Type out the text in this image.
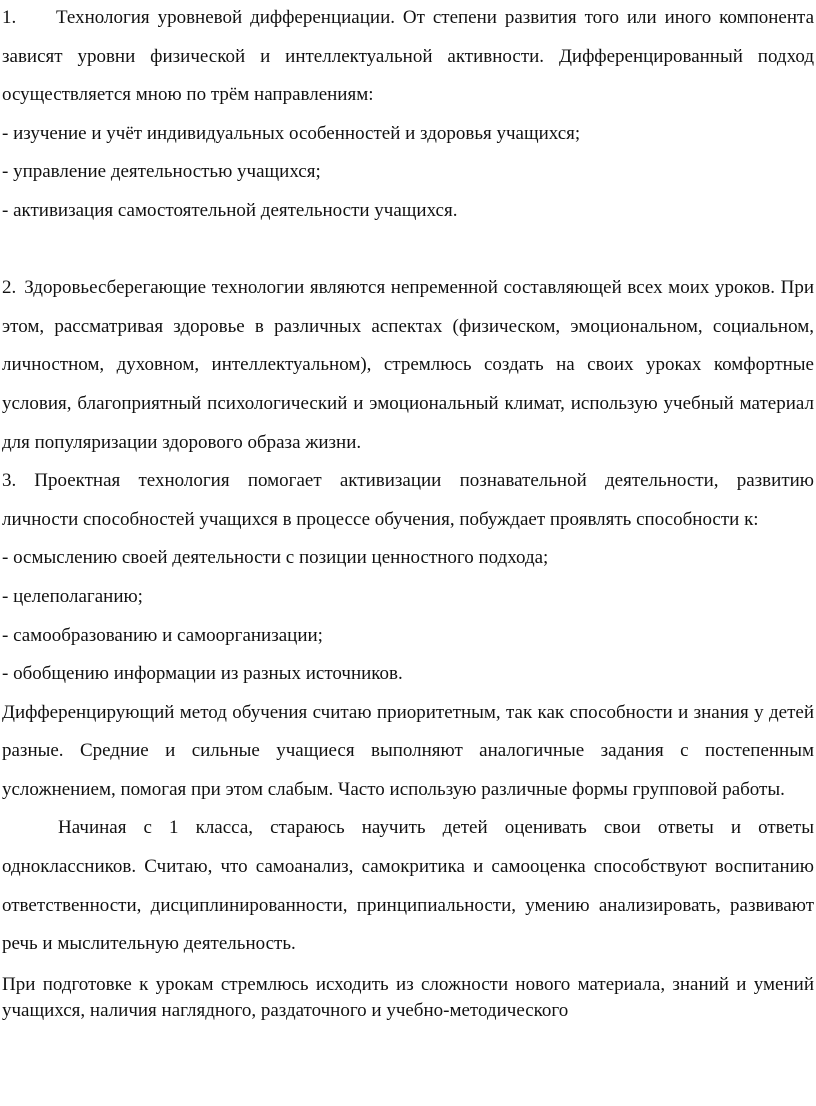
1. Технология уровневой дифференциации. От степени развития того или иного компонента зависят уровни физической и интеллектуальной активности. Дифференцированный подход осуществляется мною по трём направлениям:

- изучение и учёт индивидуальных особенностей и здоровья учащихся;

- управление деятельностью учащихся;

- активизация самостоятельной деятельности учащихся.

2. Здоровьесберегающие технологии являются непременной составляющей всех моих уроков. При этом, рассматривая здоровье в различных аспектах (физическом, эмоциональном, социальном, личностном, духовном, интеллектуальном), стремлюсь создать на своих уроках комфортные условия, благоприятный психологический и эмоциональный климат, использую учебный материал для популяризации здорового образа жизни.

3. Проектная технология помогает активизации познавательной деятельности, развитию личности способностей учащихся в процессе обучения, побуждает проявлять способности к:

- осмыслению своей деятельности с позиции ценностного подхода;

- целеполаганию;

- самообразованию и самоорганизации;

- обобщению информации из разных источников.

Дифференцирующий метод обучения считаю приоритетным, так как способности и знания у детей разные. Средние и сильные учащиеся выполняют аналогичные задания с постепенным усложнением, помогая при этом слабым. Часто использую различные формы групповой работы.

Начиная с 1 класса, стараюсь научить детей оценивать свои ответы и ответы одноклассников. Считаю, что самоанализ, самокритика и самооценка способствуют воспитанию ответственности, дисциплинированности, принципиальности, умению анализировать, развивают речь и мыслительную деятельность.

При подготовке к урокам стремлюсь исходить из сложности нового материала, знаний и умений учащихся, наличия наглядного, раздаточного и учебно-методического
